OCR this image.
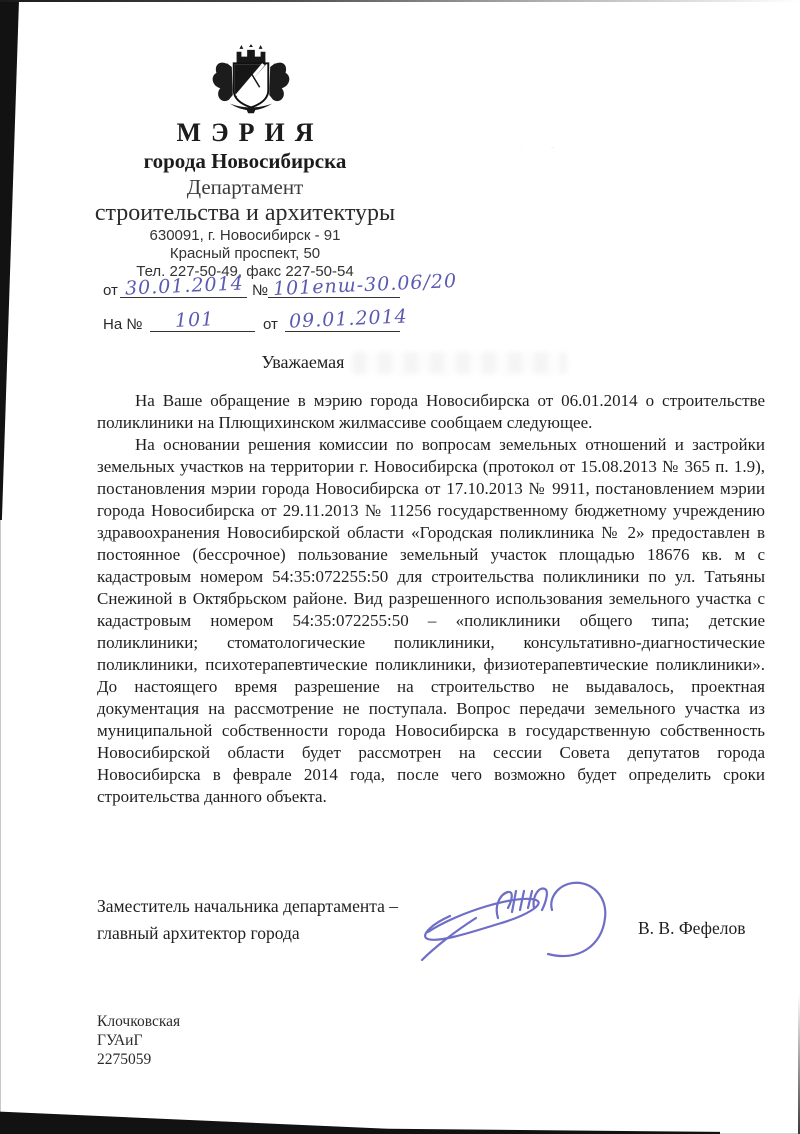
МЭРИЯ
города Новосибирска
Департамент
строительства и архитектуры
630091, г. Новосибирск - 91
Красный проспект, 50
Тел. 227-50-49, факс 227-50-54
от 30.01.2014 № 101епш-30.06/20
На № 101	от 09.01.2014
Уважаемая

На Ваше обращение в мэрию города Новосибирска от 06.01.2014 о строительстве поликлиники на Плющихинском жилмассиве сообщаем следующее.

На основании решения комиссии по вопросам земельных отношений и застройки земельных участков на территории г. Новосибирска (протокол от 15.08.2013 № 365 п. 1.9), постановления мэрии города Новосибирска от 17.10.2013 № 9911, постановлением мэрии города Новосибирска от 29.11.2013 № 11256 государственному бюджетному учреждению здравоохранения Новосибирской области «Городская поликлиника № 2» предоставлен в постоянное (бессрочное) пользование земельный участок площадью 18676 кв. м с кадастровым номером 54:35:072255:50 для строительства поликлиники по ул. Татьяны Снежиной в Октябрьском районе. Вид разрешенного использования земельного участка с кадастровым номером 54:35:072255:50 – «поликлиники общего типа; детские поликлиники; стоматологические поликлиники, консультативно-диагностические поликлиники, психотерапевтические поликлиники, физиотерапевтические поликлиники». До настоящего время разрешение на строительство не выдавалось, проектная документация на рассмотрение не поступала. Вопрос передачи земельного участка из муниципальной собственности города Новосибирска в государственную собственность Новосибирской области будет рассмотрен на сессии Совета депутатов города Новосибирска в феврале 2014 года, после чего возможно будет определить сроки строительства данного объекта.

Заместитель начальника департамента –
главный архитектор города	В. В. Фефелов
Клочковская
ГУАиГ
2275059
